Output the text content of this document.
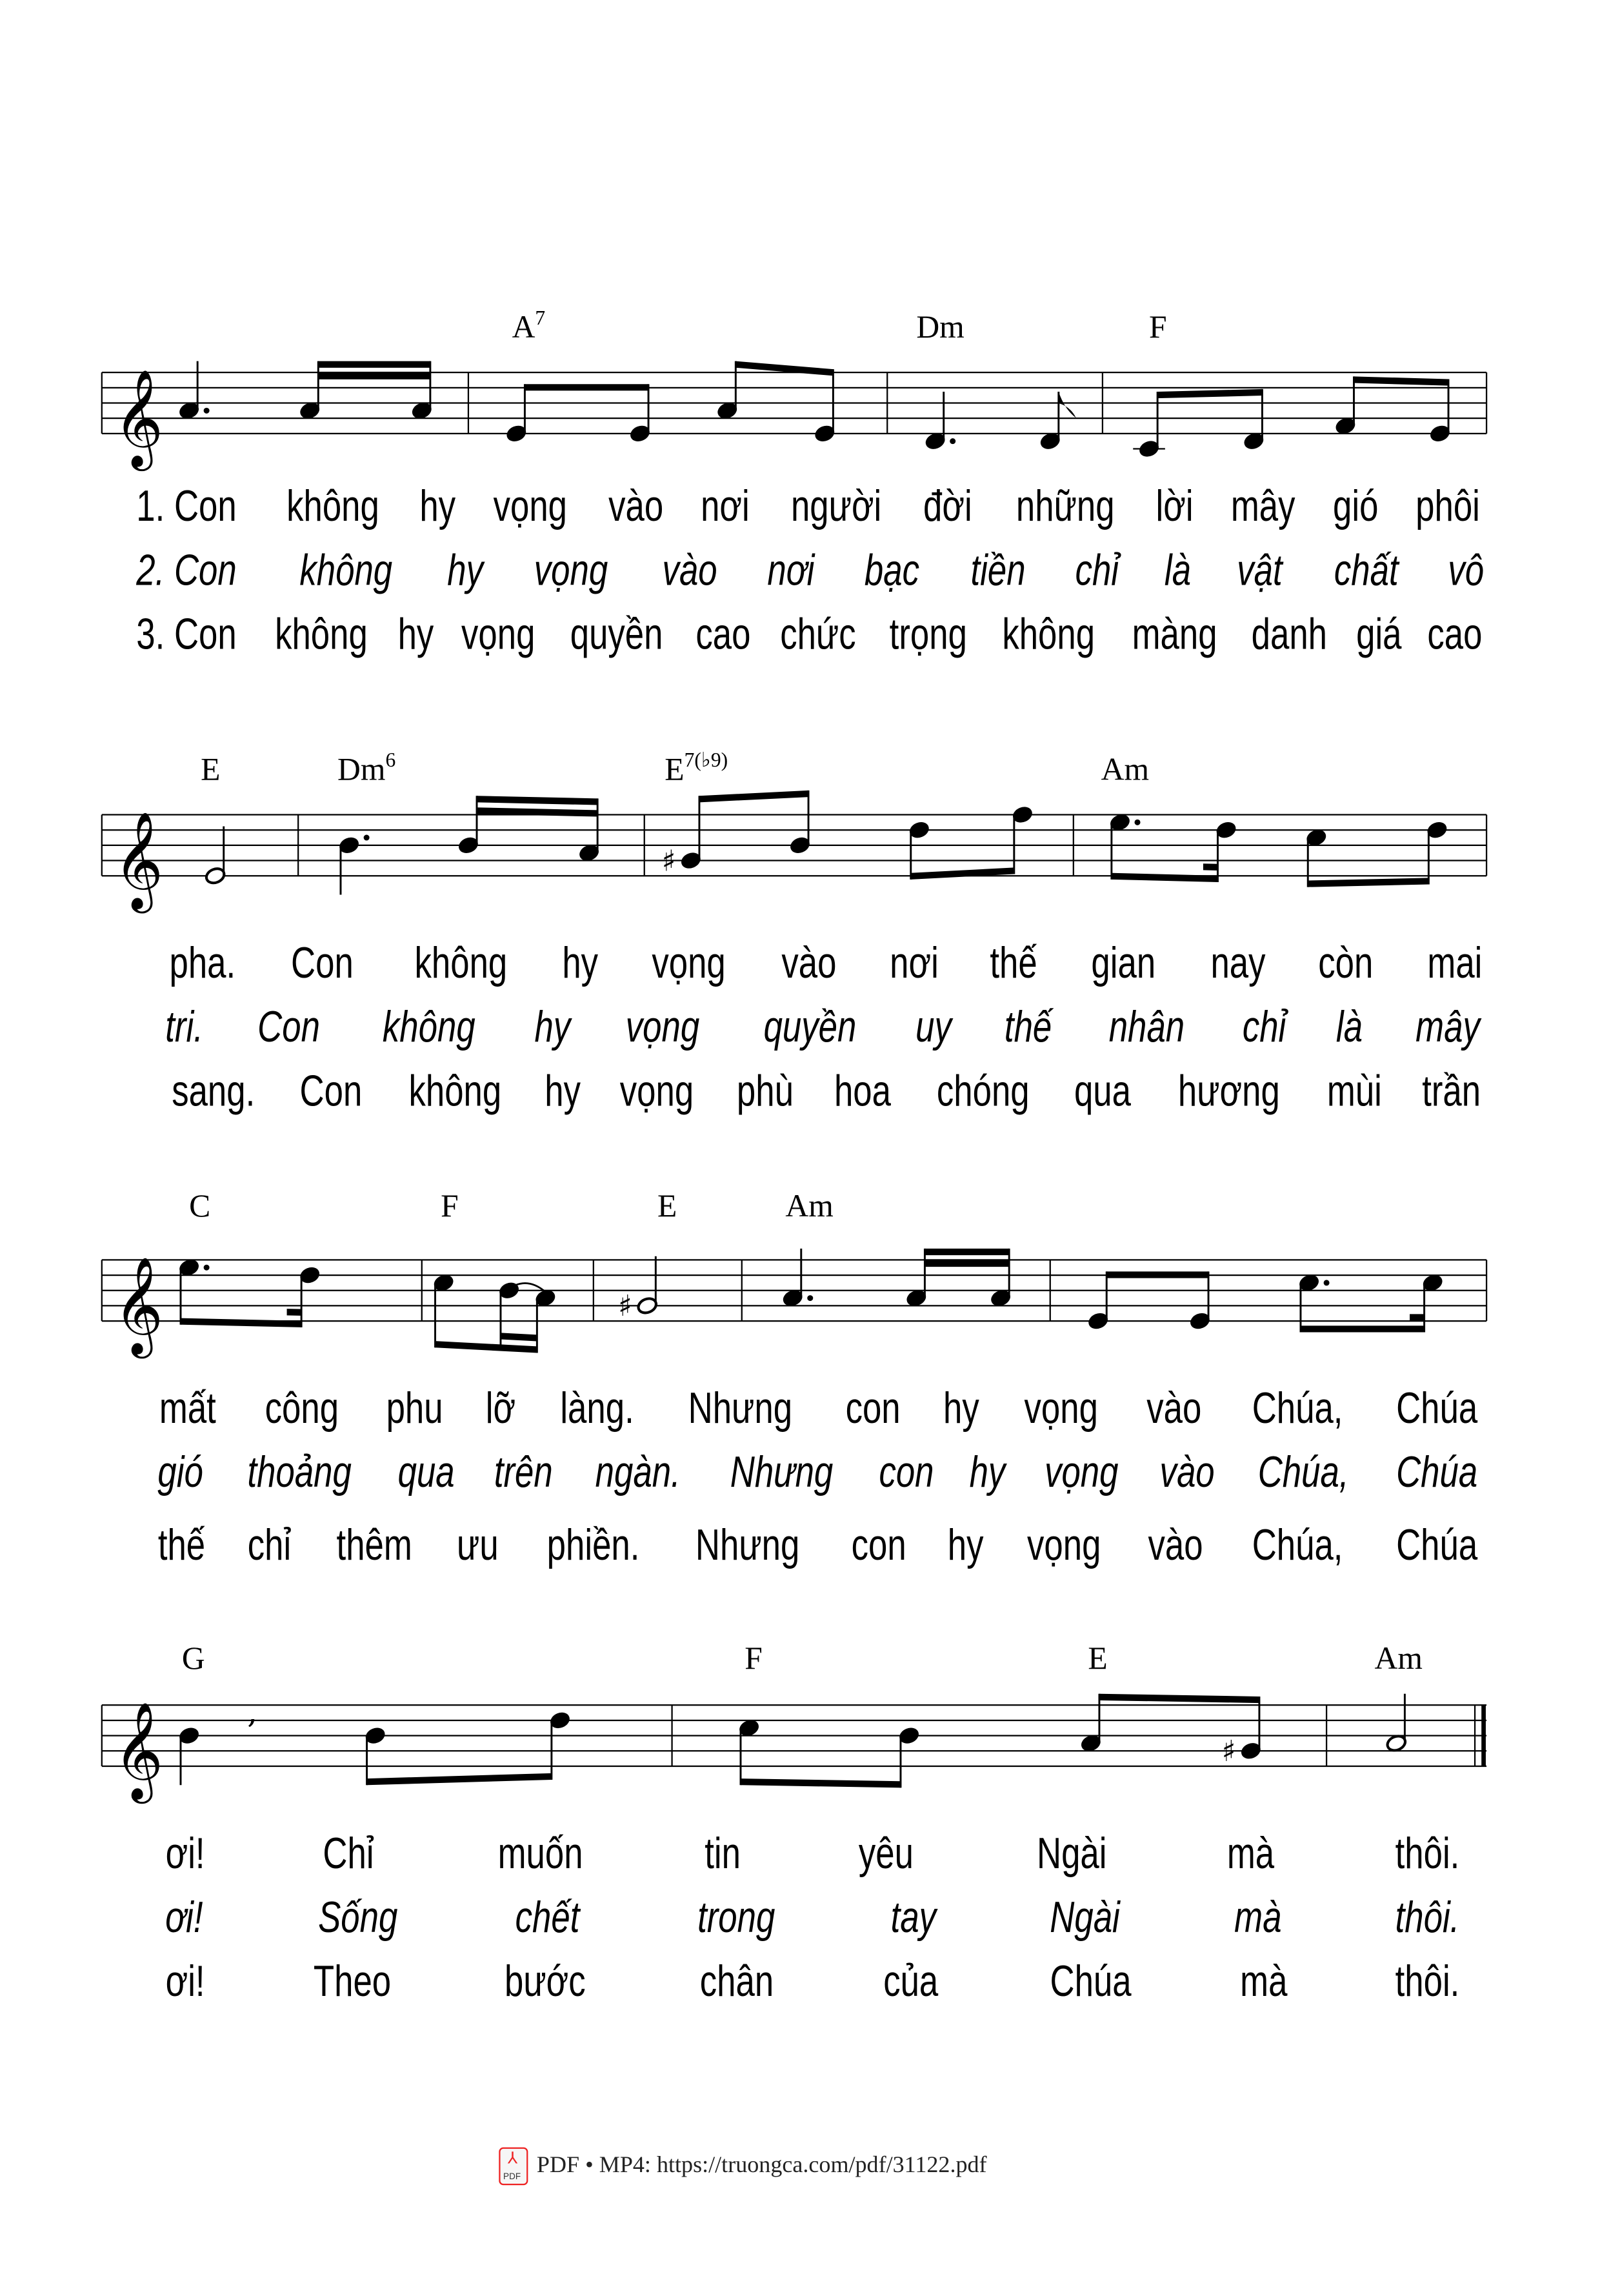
𝄞
𝄞	♯
𝄞	♯
𝄞	,
♯
$A^7$	Dm	F
1. Con	không hy vọng vào nơi người đời những lời mây gió phôi
2. Con	không	hy	vọng	vào	nơi	bạc	tiền	chỉ là vật	chất	vô
3. Con không hy vọng quyền cao chức trọng không màng danh giá cao
E	Dm$^6$	$E^{7(♭9)}$	Am
pha.	Con	không	hy	vọng	vào	nơi	thế	gian	nay	còn	mai
tri.	Con	không	hy	vọng	quyền	uy	thế	nhân	chỉ	là	mây
sang. Con không hy vọng phù hoa chóng qua hương mùi trần
C	F	E	Am
mất công phu lỡ làng.	Nhưng	con hy vọng vào	Chúa,	Chúa
gió thoảng qua trên ngàn.	Nhưng con hy vọng vào Chúa, Chúa
thế chỉ thêm ưu phiền.	Nhưng	con hy vọng vào	Chúa,	Chúa
G	F	E	Am
ơi!	Chỉ	muốn	tin	yêu	Ngài	mà	thôi.
ơi!	Sống	chết	trong	tay	Ngài	mà	thôi.
ơi!	Theo	bước	chân	của	Chúa	mà	thôi.
⅄ PDF
PDF • MP4: https://truongca.com/pdf/31122.pdf
